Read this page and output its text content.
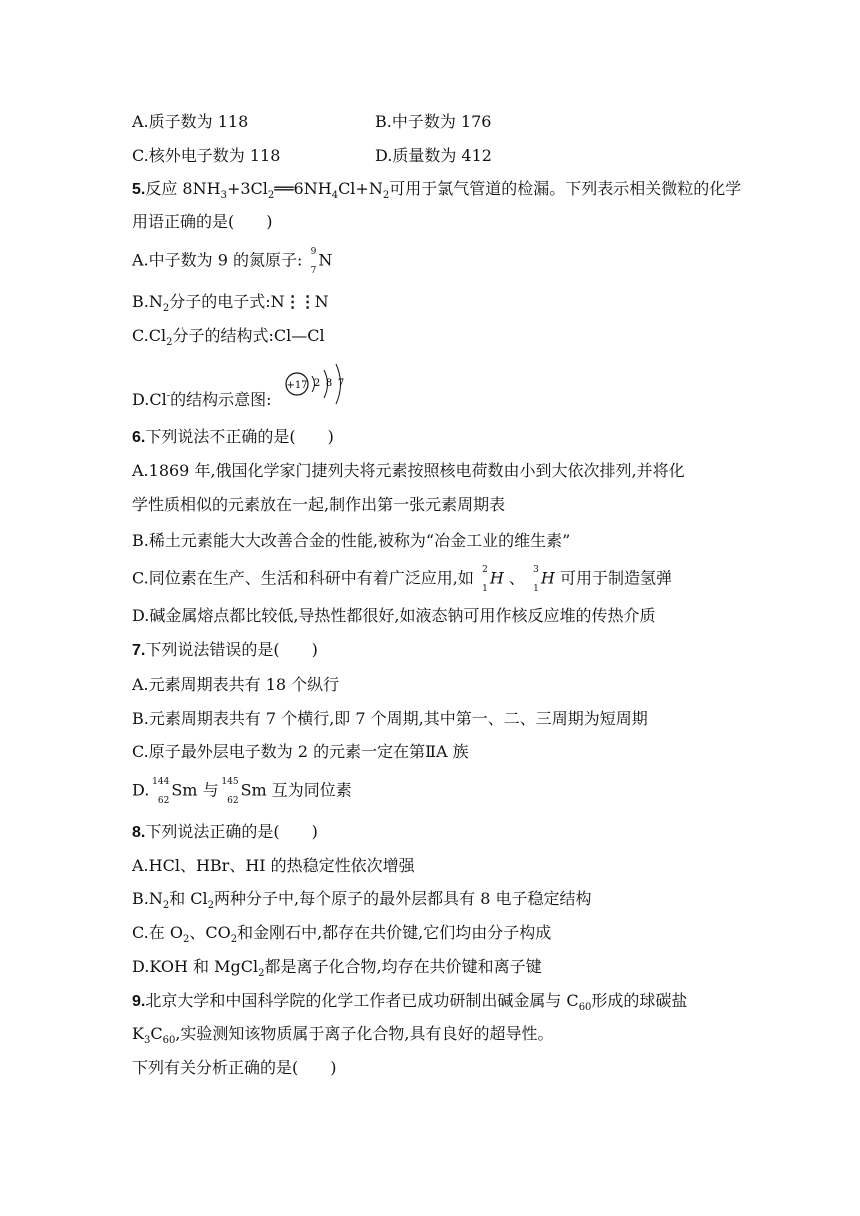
A.质子数为 118	B.中子数为 176
C.核外电子数为 118	D.质量数为 412
5.反应 $8NH_3+3Cl_2══6NH_4Cl+N_2$可用于氯气管道的检漏。下列表示相关微粒的化学
用语正确的是(　　)
A.中子数为 9 的氮原子: 9
7
N
$B.N_2$分子的电子式:N⋮⋮N
$C.Cl_2$分子的结构式:Cl—Cl
D.Cl-的结构示意图:
+17 2 8 7
6.下列说法不正确的是(　　)
A.1869 年,俄国化学家门捷列夫将元素按照核电荷数由小到大依次排列,并将化
学性质相似的元素放在一起,制作出第一张元素周期表
B.稀土元素能大大改善合金的性能,被称为“冶金工业的维生素”
C.同位素在生产、生活和科研中有着广泛应用,如 2
1
H 、 3
1
H 可用于制造氢弹
D.碱金属熔点都比较低,导热性都很好,如液态钠可用作核反应堆的传热介质
7.下列说法错误的是(　　)
A.元素周期表共有 18 个纵行
B.元素周期表共有 7 个横行,即 7 个周期,其中第一、二、三周期为短周期
C.原子最外层电子数为 2 的元素一定在第ⅡA 族
D. 144
62
Sm 与 145
62
Sm 互为同位素
8.下列说法正确的是(　　)
A.HCl、HBr、HI 的热稳定性依次增强
$B.N_2$和 $Cl_2$两种分子中,每个原子的最外层都具有 8 电子稳定结构
C.在 $O_2$、$CO_2$和金刚石中,都存在共价键,它们均由分子构成
D.KOH 和 MgCl$_2$都是离子化合物,均存在共价键和离子键
9.北京大学和中国科学院的化学工作者已成功研制出碱金属与 $C_{60}$形成的球碳盐
$K_3C_{60}$,实验测知该物质属于离子化合物,具有良好的超导性。
下列有关分析正确的是(　　)
